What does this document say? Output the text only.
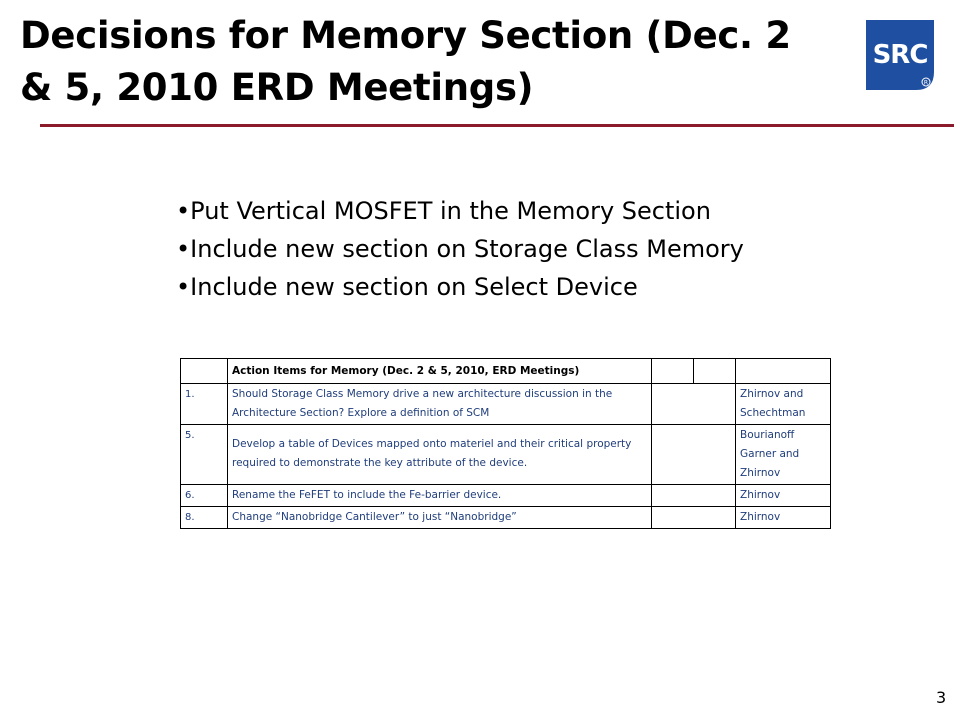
Decisions for Memory Section (Dec. 2 & 5, 2010 ERD Meetings)
SRC
R
•Put Vertical MOSFET in the Memory Section
•Include new section on Storage Class Memory
•Include new section on Select Device
	Action Items for Memory (Dec. 2 & 5, 2010, ERD Meetings)			
1.	Should Storage Class Memory drive a new architecture discussion in the Architecture Section? Explore a definition of SCM			Zhirnov and Schechtman
5.	Develop a table of Devices mapped onto materiel and their critical property required to demonstrate the key attribute of the device.			Bourianoff Garner and Zhirnov
6.	Rename the FeFET to include the Fe-barrier device.			Zhirnov
8.	Change “Nanobridge Cantilever” to just “Nanobridge”			Zhirnov
3
